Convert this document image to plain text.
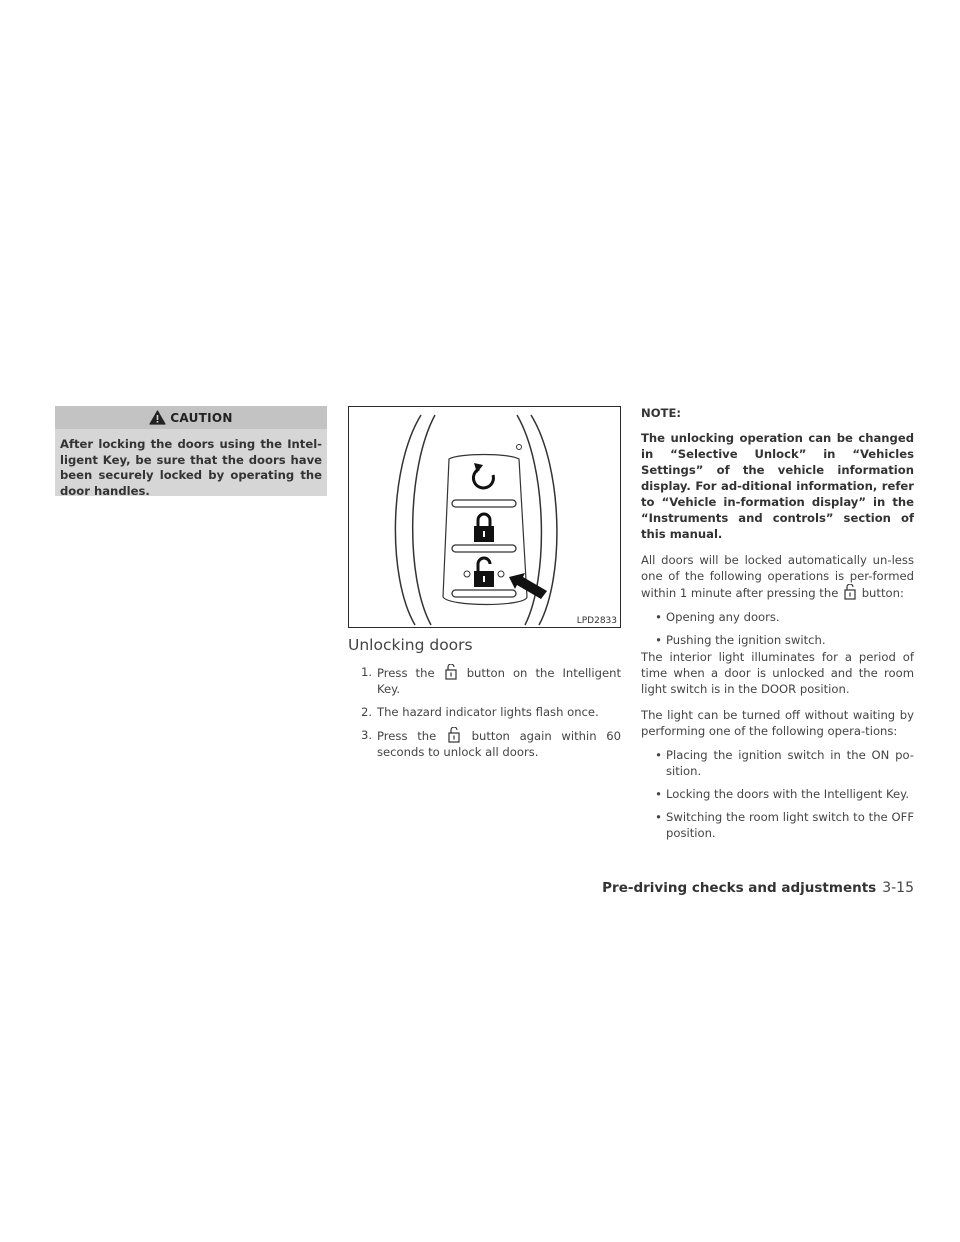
CAUTION
After locking the doors using the Intel-ligent Key, be sure that the doors have been securely locked by operating the door handles.
LPD2833
Unlocking doors
1. Press the	button on the Intelligent Key.
2. The hazard indicator lights flash once.
3. Press the	button again within 60 seconds to unlock all doors.
NOTE:
The unlocking operation can be changed in “Selective Unlock” in “Vehicles Settings” of the vehicle information display. For ad-ditional information, refer to “Vehicle in-formation display” in the “Instruments and controls” section of this manual.
All doors will be locked automatically un-less one of the following operations is per-formed within 1 minute after pressing the button:
• Opening any doors.
• Pushing the ignition switch.
The interior light illuminates for a period of time when a door is unlocked and the room light switch is in the DOOR position.
The light can be turned off without waiting by performing one of the following opera-tions:
• Placing the ignition switch in the ON po-sition.
• Locking the doors with the Intelligent Key.
• Switching the room light switch to the OFF position.
Pre-driving checks and adjustments 3-15
